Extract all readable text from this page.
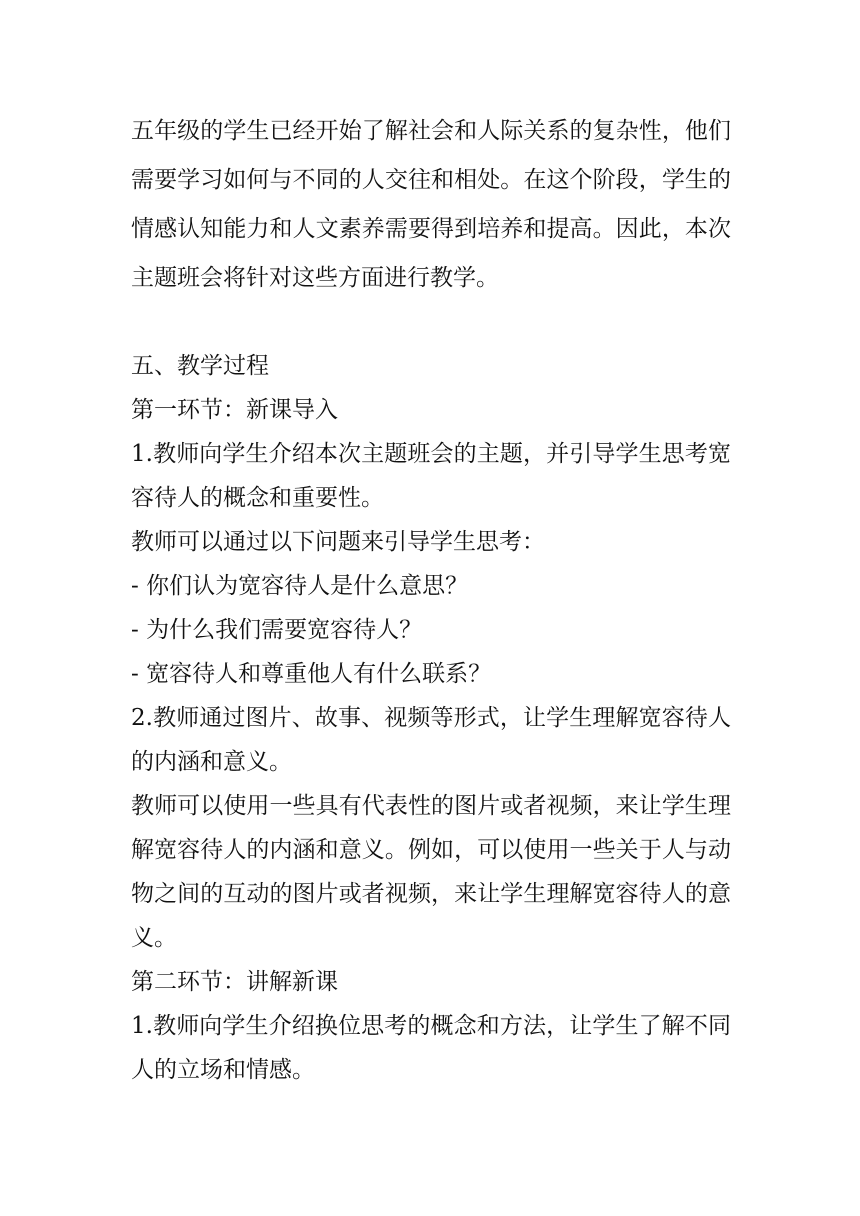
五年级的学生已经开始了解社会和人际关系的复杂性，他们
需要学习如何与不同的人交往和相处。在这个阶段，学生的
情感认知能力和人文素养需要得到培养和提高。因此，本次
主题班会将针对这些方面进行教学。
五、教学过程
第一环节：新课导入
1.教师向学生介绍本次主题班会的主题，并引导学生思考宽
容待人的概念和重要性。
教师可以通过以下问题来引导学生思考：
- 你们认为宽容待人是什么意思？
- 为什么我们需要宽容待人？
- 宽容待人和尊重他人有什么联系？
2.教师通过图片、故事、视频等形式，让学生理解宽容待人
的内涵和意义。
教师可以使用一些具有代表性的图片或者视频，来让学生理
解宽容待人的内涵和意义。例如，可以使用一些关于人与动
物之间的互动的图片或者视频，来让学生理解宽容待人的意
义。
第二环节：讲解新课
1.教师向学生介绍换位思考的概念和方法，让学生了解不同
人的立场和情感。
